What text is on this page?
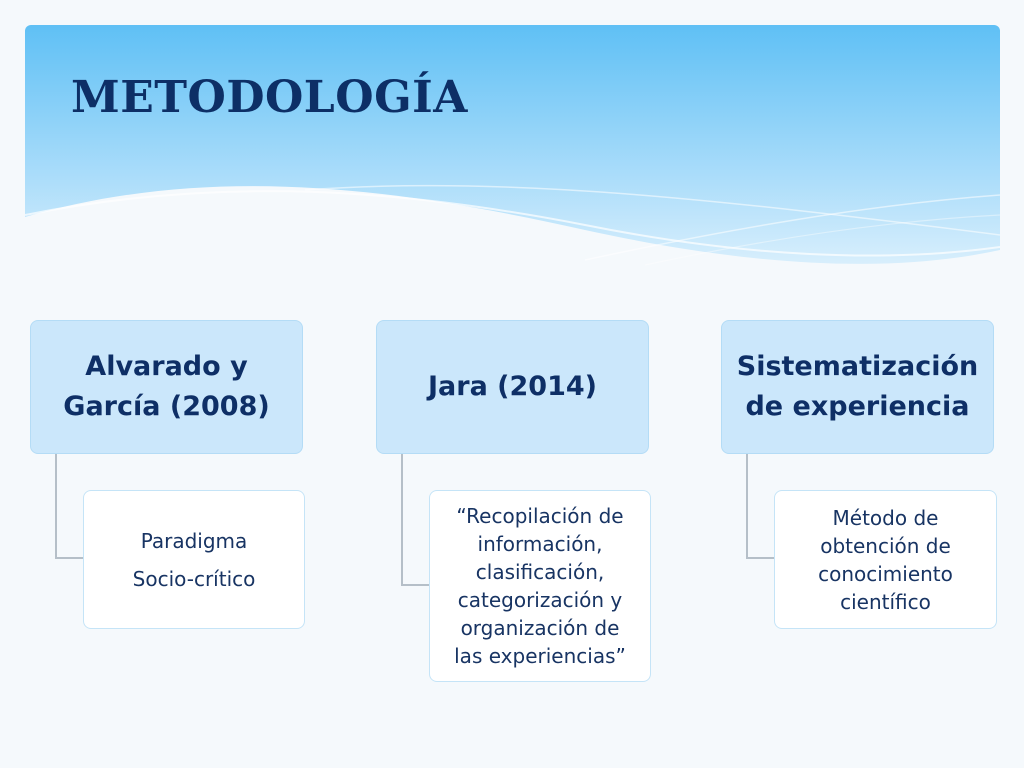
METODOLOGÍA
Alvarado y
García (2008)
Paradigma
Socio-crítico
Jara (2014)
“Recopilación de
información,
clasificación,
categorización y
organización de
las experiencias”
Sistematización
de experiencia
Método de
obtención de
conocimiento
científico
